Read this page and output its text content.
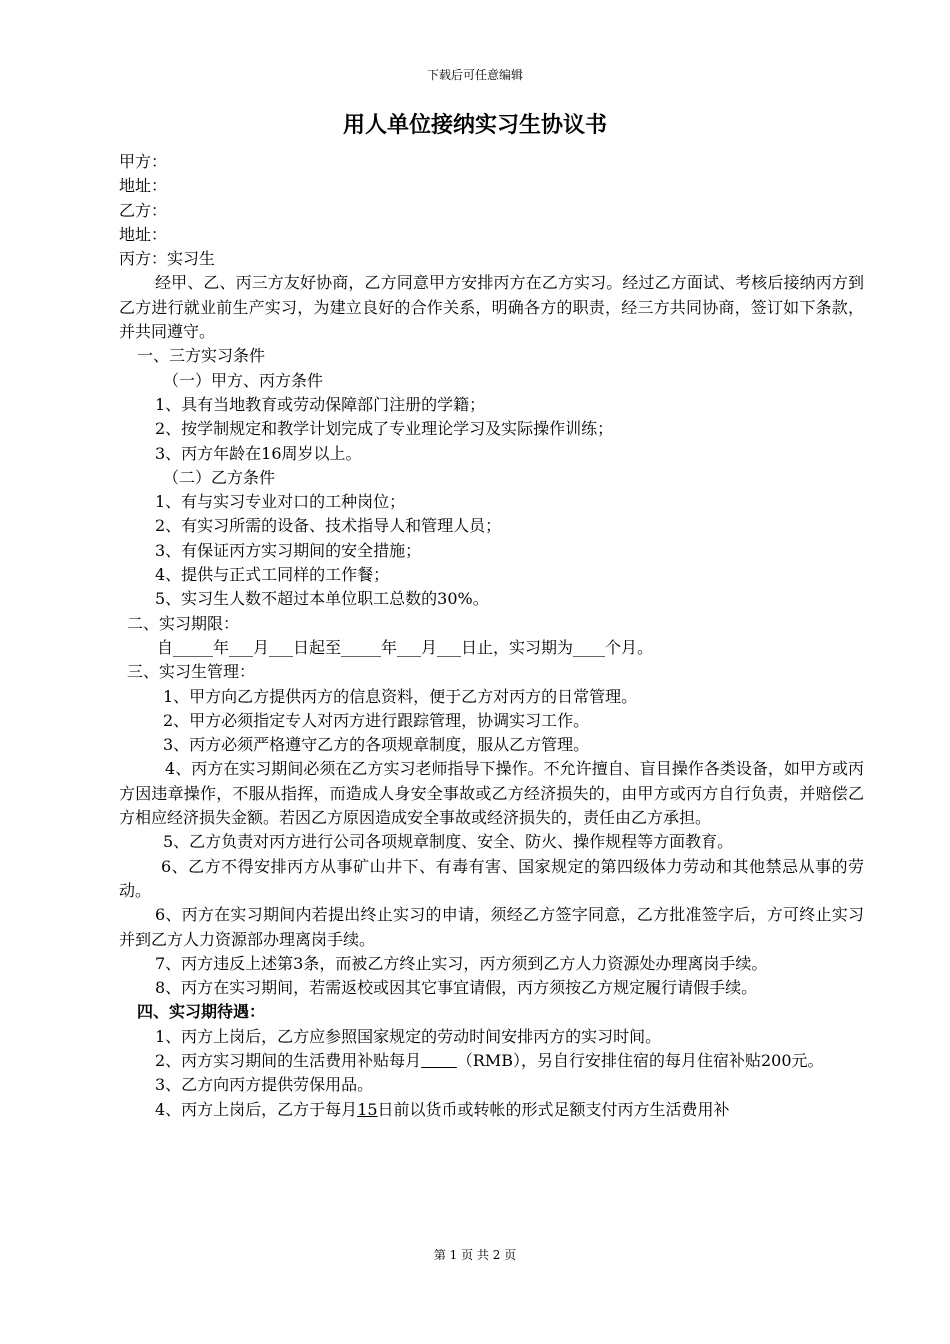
下载后可任意编辑
用人单位接纳实习生协议书
甲方：
地址：
乙方：
地址：
丙方：实习生
经甲、乙、丙三方友好协商，乙方同意甲方安排丙方在乙方实习。经过乙方面试、考核后接纳丙方到乙方进行就业前生产实习，为建立良好的合作关系，明确各方的职责，经三方共同协商，签订如下条款，并共同遵守。
一、三方实习条件
（一）甲方、丙方条件
1、具有当地教育或劳动保障部门注册的学籍；
2、按学制规定和教学计划完成了专业理论学习及实际操作训练；
3、丙方年龄在16周岁以上。
（二）乙方条件
1、有与实习专业对口的工种岗位；
2、有实习所需的设备、技术指导人和管理人员；
3、有保证丙方实习期间的安全措施；
4、提供与正式工同样的工作餐；
5、实习生人数不超过本单位职工总数的30%。
二、实习期限：
自_____年___月___日起至_____年___月___日止，实习期为____个月。
三、实习生管理：
1、甲方向乙方提供丙方的信息资料，便于乙方对丙方的日常管理。
2、甲方必须指定专人对丙方进行跟踪管理，协调实习工作。
3、丙方必须严格遵守乙方的各项规章制度，服从乙方管理。
4、丙方在实习期间必须在乙方实习老师指导下操作。不允许擅自、盲目操作各类设备，如甲方或丙方因违章操作，不服从指挥，而造成人身安全事故或乙方经济损失的，由甲方或丙方自行负责，并赔偿乙方相应经济损失金额。若因乙方原因造成安全事故或经济损失的，责任由乙方承担。
5、乙方负责对丙方进行公司各项规章制度、安全、防火、操作规程等方面教育。
6、乙方不得安排丙方从事矿山井下、有毒有害、国家规定的第四级体力劳动和其他禁忌从事的劳动。
6、丙方在实习期间内若提出终止实习的申请，须经乙方签字同意，乙方批准签字后，方可终止实习并到乙方人力资源部办理离岗手续。
7、丙方违反上述第3条，而被乙方终止实习，丙方须到乙方人力资源处办理离岗手续。
8、丙方在实习期间，若需返校或因其它事宜请假，丙方须按乙方规定履行请假手续。
四、实习期待遇：
1、丙方上岗后，乙方应参照国家规定的劳动时间安排丙方的实习时间。
2、丙方实习期间的生活费用补贴每月 （RMB），另自行安排住宿的每月住宿补贴200元。
3、乙方向丙方提供劳保用品。
4、丙方上岗后，乙方于每月15日前以货币或转帐的形式足额支付丙方生活费用补
第 1 页 共 2 页
